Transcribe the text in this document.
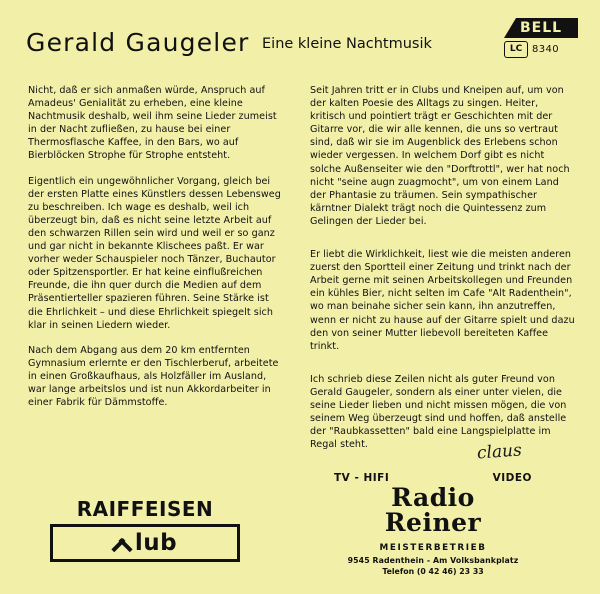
Gerald Gaugeler Eine kleine Nachtmusik
BELL
LC 8340

Nicht, daß er sich anmaßen würde, Anspruch auf Amadeus' Genialität zu erheben, eine kleine Nachtmusik deshalb, weil ihm seine Lieder zumeist in der Nacht zufließen, zu hause bei einer Thermosflasche Kaffee, in den Bars, wo auf Bierblöcken Strophe für Strophe entsteht.

Eigentlich ein ungewöhnlicher Vorgang, gleich bei der ersten Platte eines Künstlers dessen Lebensweg zu beschreiben. Ich wage es deshalb, weil ich überzeugt bin, daß es nicht seine letzte Arbeit auf den schwarzen Rillen sein wird und weil er so ganz und gar nicht in bekannte Klischees paßt. Er war vorher weder Schauspieler noch Tänzer, Buchautor oder Spitzensportler. Er hat keine einflußreichen Freunde, die ihn quer durch die Medien auf dem Präsentierteller spazieren führen. Seine Stärke ist die Ehrlichkeit – und diese Ehrlichkeit spiegelt sich klar in seinen Liedern wieder.

Nach dem Abgang aus dem 20 km entfernten Gymnasium erlernte er den Tischlerberuf, arbeitete in einen Großkaufhaus, als Holzfäller im Ausland, war lange arbeitslos und ist nun Akkordarbeiter in einer Fabrik für Dämmstoffe.

Seit Jahren tritt er in Clubs und Kneipen auf, um von der kalten Poesie des Alltags zu singen. Heiter, kritisch und pointiert trägt er Geschichten mit der Gitarre vor, die wir alle kennen, die uns so vertraut sind, daß wir sie im Augenblick des Erlebens schon wieder vergessen. In welchem Dorf gibt es nicht solche Außenseiter wie den "Dorftrottl", wer hat noch nicht "seine augn zuagmocht", um von einem Land der Phantasie zu träumen. Sein sympathischer kärntner Dialekt trägt noch die Quintessenz zum Gelingen der Lieder bei.

Er liebt die Wirklichkeit, liest wie die meisten anderen zuerst den Sportteil einer Zeitung und trinkt nach der Arbeit gerne mit seinen Arbeitskollegen und Freunden ein kühles Bier, nicht selten im Cafe "Alt Radenthein", wo man beinahe sicher sein kann, ihn anzutreffen, wenn er nicht zu hause auf der Gitarre spielt und dazu den von seiner Mutter liebevoll bereiteten Kaffee trinkt.

Ich schrieb diese Zeilen nicht als guter Freund von Gerald Gaugeler, sondern als einer unter vielen, die seine Lieder lieben und nicht missen mögen, die von seinem Weg überzeugt sind und hoffen, daß anstelle der "Raubkassetten" bald eine Langspielplatte im Regal steht.	claus
RAIFFEISEN
lub
TV - HIFI	VIDEO
Radio
Reiner
MEISTERBETRIEB
9545 Radenthein - Am Volksbankplatz
Telefon (0 42 46) 23 33
